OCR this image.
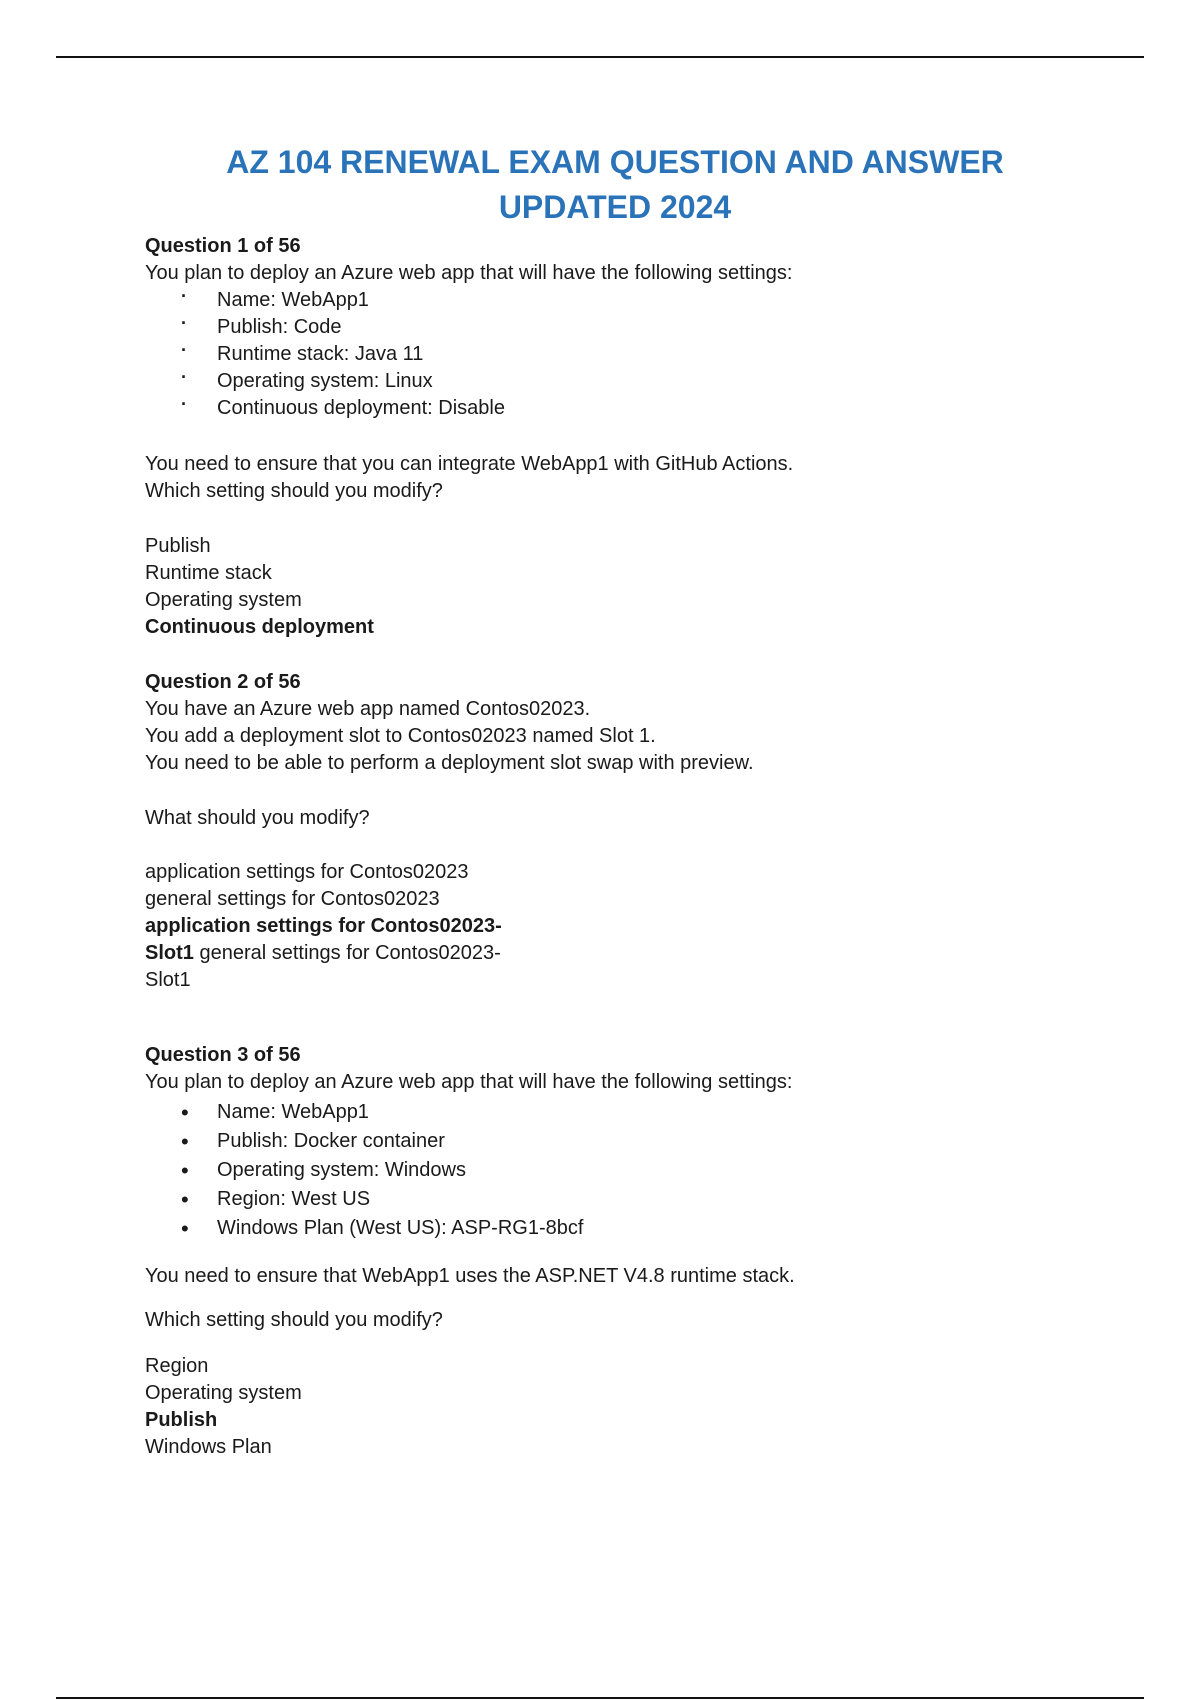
AZ 104 RENEWAL EXAM QUESTION AND ANSWER UPDATED 2024
Question 1 of 56
You plan to deploy an Azure web app that will have the following settings:
· Name: WebApp1
· Publish: Code
· Runtime stack: Java 11
· Operating system: Linux
· Continuous deployment: Disable
You need to ensure that you can integrate WebApp1 with GitHub Actions.
Which setting should you modify?
Publish
Runtime stack
Operating system
Continuous deployment
Question 2 of 56
You have an Azure web app named Contos02023.
You add a deployment slot to Contos02023 named Slot 1.
You need to be able to perform a deployment slot swap with preview.
What should you modify?
application settings for Contos02023
general settings for Contos02023
application settings for Contos02023-
Slot1 general settings for Contos02023-
Slot1
Question 3 of 56
You plan to deploy an Azure web app that will have the following settings:
• Name: WebApp1
• Publish: Docker container
• Operating system: Windows
• Region: West US
• Windows Plan (West US): ASP-RG1-8bcf
You need to ensure that WebApp1 uses the ASP.NET V4.8 runtime stack.
Which setting should you modify?
Region
Operating system
Publish
Windows Plan
